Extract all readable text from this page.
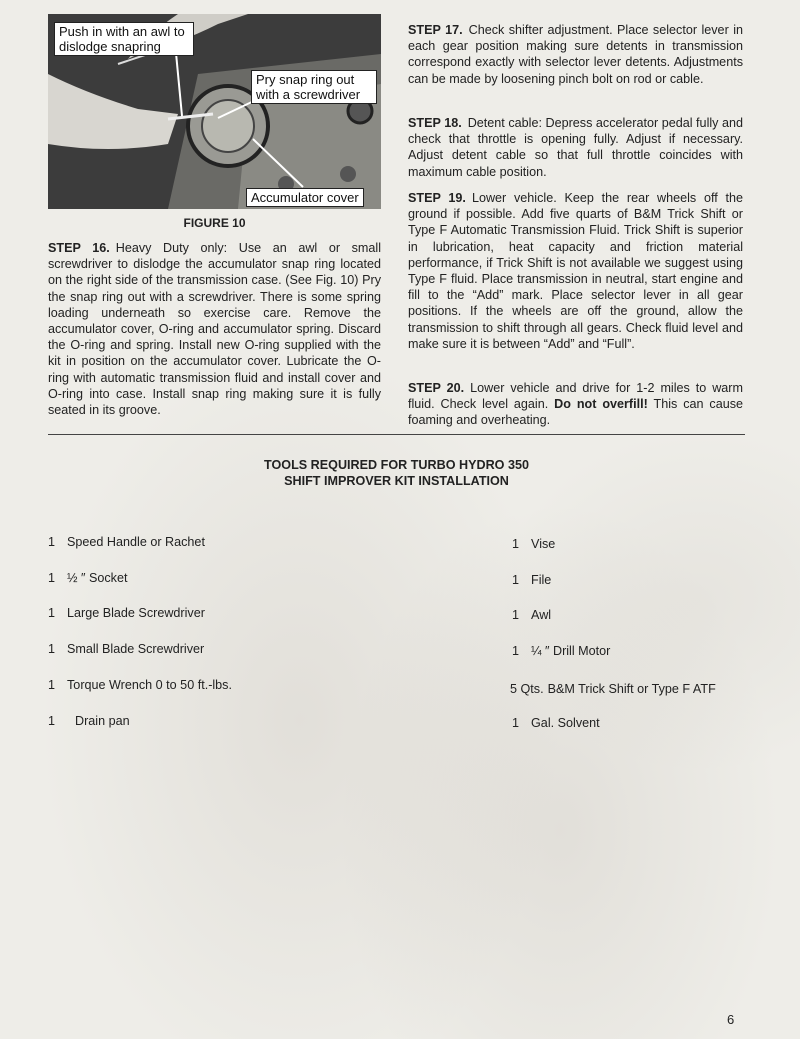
Push in with an awl to dislodge snapring
Pry snap ring out with a screwdriver
Accumulator cover
FIGURE 10

STEP 16. Heavy Duty only: Use an awl or small screwdriver to dislodge the accumulator snap ring located on the right side of the transmission case. (See Fig. 10) Pry the snap ring out with a screwdriver. There is some spring loading underneath so exercise care. Remove the accumulator cover, O-ring and accumulator spring. Discard the O-ring and spring. Install new O-ring supplied with the kit in position on the accumulator cover. Lubricate the O-ring with automatic transmission fluid and install cover and O-ring into case. Install snap ring making sure it is fully seated in its groove.

STEP 17. Check shifter adjustment. Place selector lever in each gear position making sure detents in transmission correspond exactly with selector lever detents. Adjustments can be made by loosening pinch bolt on rod or cable.

STEP 18. Detent cable: Depress accelerator pedal fully and check that throttle is opening fully. Adjust if necessary. Adjust detent cable so that full throttle coincides with maximum cable position.

STEP 19. Lower vehicle. Keep the rear wheels off the ground if possible. Add five quarts of B&M Trick Shift or Type F Automatic Transmission Fluid. Trick Shift is superior in lubrication, heat capacity and friction material performance, if Trick Shift is not available we suggest using Type F fluid. Place transmission in neutral, start engine and fill to the “Add” mark. Place selector lever in all gear positions. If the wheels are off the ground, allow the transmission to shift through all gears. Check fluid level and make sure it is between “Add” and “Full”.

STEP 20. Lower vehicle and drive for 1-2 miles to warm fluid. Check level again. Do not overfill! This can cause foaming and overheating.

TOOLS REQUIRED FOR TURBO HYDRO 350
SHIFT IMPROVER KIT INSTALLATION
1 Speed Handle or Rachet
1 ½ ″ Socket
1 Large Blade Screwdriver
1 Small Blade Screwdriver
1 Torque Wrench 0 to 50 ft.-lbs.
1 Drain pan
1 Vise
1 File
1 Awl
1 ¼ ″ Drill Motor
5 Qts. B&M Trick Shift or Type F ATF
1 Gal. Solvent
6
